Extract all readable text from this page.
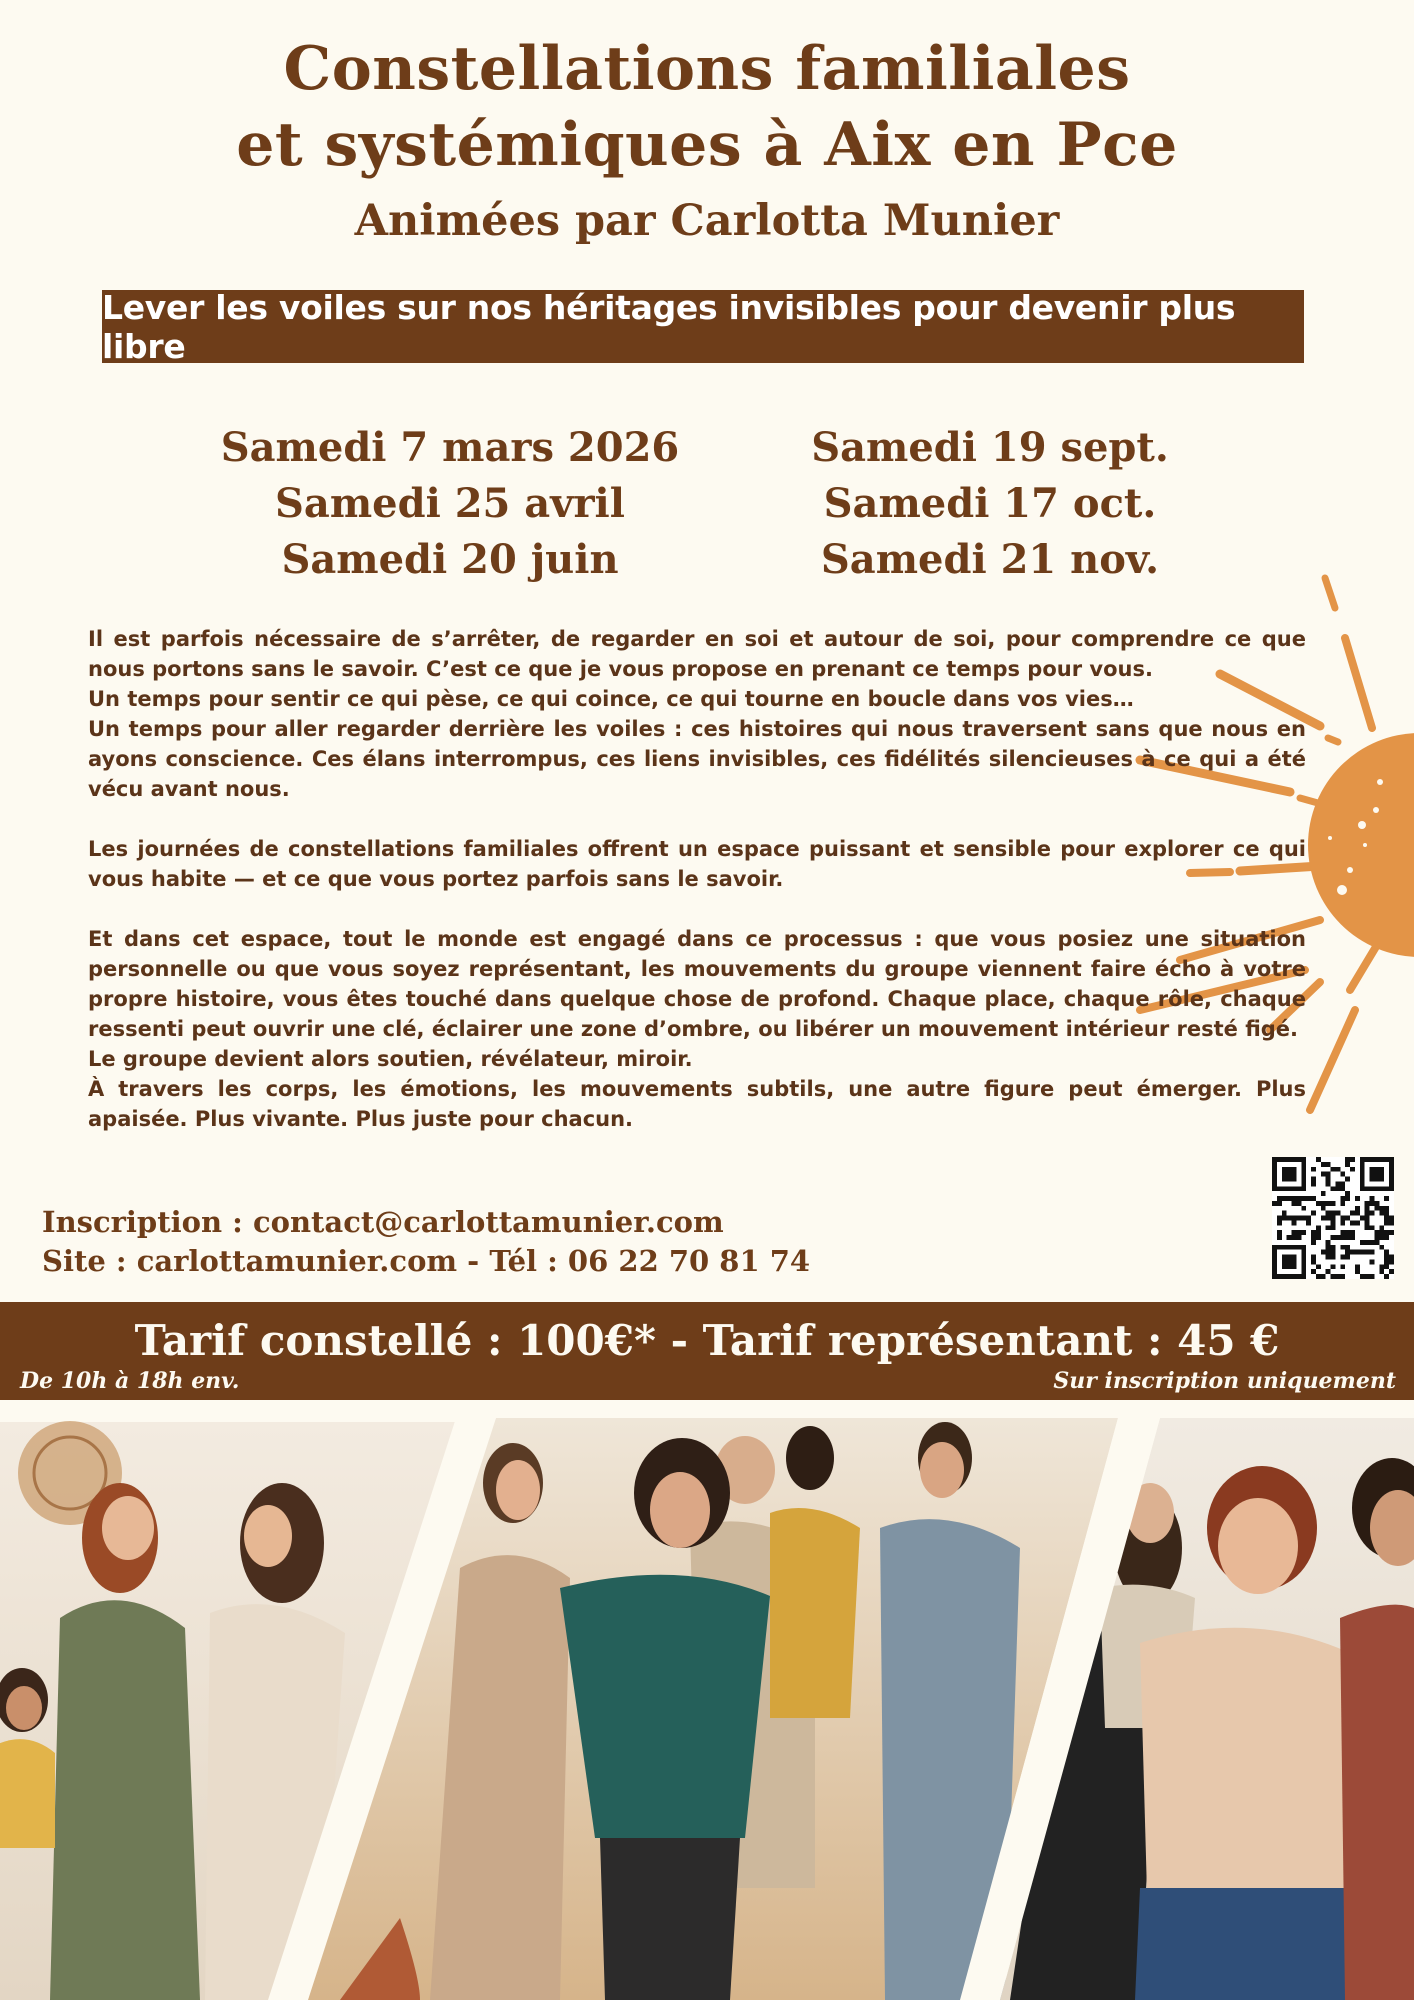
Constellations familiales
et systémiques à Aix en Pce
Animées par Carlotta Munier
Lever les voiles sur nos héritages invisibles pour devenir plus libre
Samedi 7 mars 2026
Samedi 25 avril
Samedi 20 juin
Samedi 19 sept.
Samedi 17 oct.
Samedi 21 nov.

Il est parfois nécessaire de s’arrêter, de regarder en soi et autour de soi, pour comprendre ce que nous portons sans le savoir. C’est ce que je vous propose en prenant ce temps pour vous.

Un temps pour sentir ce qui pèse, ce qui coince, ce qui tourne en boucle dans vos vies…

Un temps pour aller regarder derrière les voiles : ces histoires qui nous traversent sans que nous en ayons conscience. Ces élans interrompus, ces liens invisibles, ces fidélités silencieuses à ce qui a été vécu avant nous.

Les journées de constellations familiales offrent un espace puissant et sensible pour explorer ce qui vous habite — et ce que vous portez parfois sans le savoir.

Et dans cet espace, tout le monde est engagé dans ce processus : que vous posiez une situation personnelle ou que vous soyez représentant, les mouvements du groupe viennent faire écho à votre propre histoire, vous êtes touché dans quelque chose de profond. Chaque place, chaque rôle, chaque ressenti peut ouvrir une clé, éclairer une zone d’ombre, ou libérer un mouvement intérieur resté figé.

Le groupe devient alors soutien, révélateur, miroir.

À travers les corps, les émotions, les mouvements subtils, une autre figure peut émerger. Plus apaisée. Plus vivante. Plus juste pour chacun.

Inscription : contact@carlottamunier.com
Site : carlottamunier.com - Tél : 06 22 70 81 74
Tarif constellé : 100€* - Tarif représentant : 45 €
De 10h à 18h env.	Sur inscription uniquement
